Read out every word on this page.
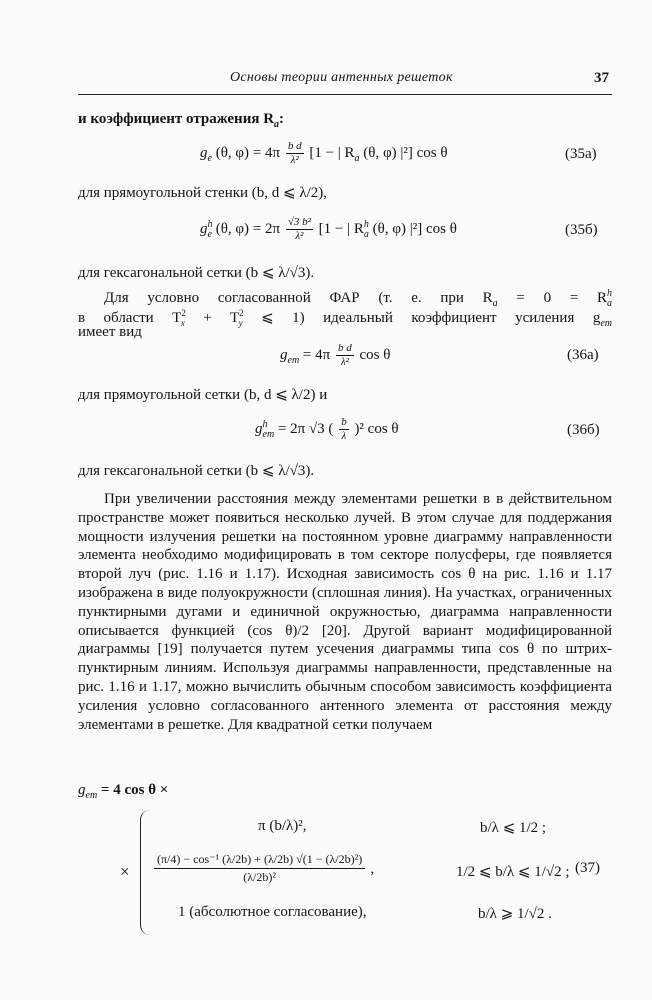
Основы теории антенных решеток	37
и коэффициент отражения $R_a$:
$g_e$ (θ, $\varphi) = 4\pi \frac{\text{b d}}{\text{λ²}} [1$ − | $R_a$ (θ, φ) |²] cos θ	(35а)
для прямоугольной стенки (b, d ⩽ λ/2),
$g^h_e$ (θ, $\varphi) = 2\pi \frac{\text{√3 b²}}{\text{λ²}} [1$ − | $R^h_a$ (θ, φ) |²] cos θ	(35б)
для гексагональной сетки (b ⩽ λ/√3).
Для условно согласованной ФАР (т. е. при $R_a = 0 = R^h_a$
в области $T^2_x + T^2_y$ ⩽ 1) идеальный коэффициент усиления $g_{em}$
имеет вид
$g_{em} = 4\pi \frac{\text{b d}}{\text{λ²}}$ cos θ	(36а)
для прямоугольной сетки (b, d ⩽ λ/2) и
$g^h_{em} = 2\pi$ √3 ( $\frac{b}{\lambda} )^2$ cos θ	(36б)
для гексагональной сетки (b ⩽ λ/√3).
При увеличении расстояния между элементами решетки в в действительном пространстве может появиться несколько лучей. В этом случае для поддержания мощности излучения решетки на постоянном уровне диаграмму направленности элемента необходимо модифицировать в том секторе полусферы, где появляется второй луч (рис. 1.16 и 1.17). Исходная зависимость cos θ на рис. 1.16 и 1.17 изображена в виде полуокружности (сплошная линия). На участках, ограниченных пунктирными дугами и единичной окружностью, диаграмма направленности описывается функцией (cos θ)/2 [20]. Другой вариант модифицированной диаграммы [19] получается путем усечения диаграммы типа cos θ по штрих-пунктирным линиям. Используя диаграммы направленности, представленные на рис. 1.16 и 1.17, можно вычислить обычным способом зависимость коэффициента усиления условно согласованного антенного элемента от расстояния между элементами в решетке. Для квадратной сетки получаем
$g_{em} = 4$ cos θ ×
×
π (b/λ)²,	b/λ ⩽ 1/2 ;
$\frac{\text{(π/4) − cos⁻¹ (λ/2b) + (λ/2b) √(1 − (λ/2b)²)}}{\text{(λ/2b)²}}$ ,	1/2 ⩽ b/λ ⩽ 1/√2 ; (37)
1 (абсолютное согласование),	b/λ ⩾ 1/√2 .
